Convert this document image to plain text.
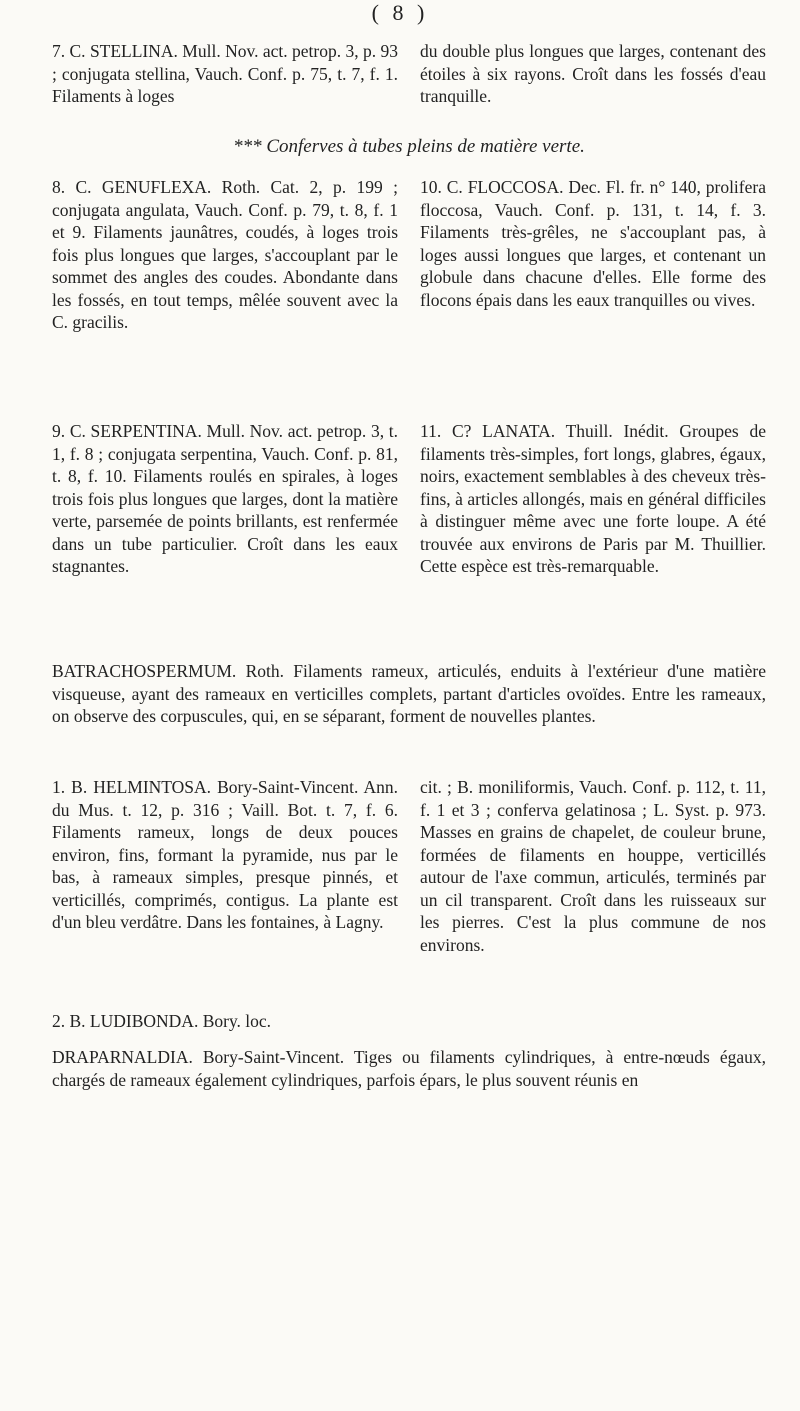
( 8 )
7. C. STELLINA. Mull. Nov. act. petrop. 3, p. 93 ; conjugata stellina, Vauch. Conf. p. 75, t. 7, f. 1. Filaments à loges
du double plus longues que larges, contenant des étoiles à six rayons. Croît dans les fossés d'eau tranquille.
*** Conferves à tubes pleins de matière verte.
8. C. GENUFLEXA. Roth. Cat. 2, p. 199 ; conjugata angulata, Vauch. Conf. p. 79, t. 8, f. 1 et 9. Filaments jaunâtres, coudés, à loges trois fois plus longues que larges, s'accouplant par le sommet des angles des coudes. Abondante dans les fossés, en tout temps, mêlée souvent avec la C. gracilis.
10. C. FLOCCOSA. Dec. Fl. fr. n° 140, prolifera floccosa, Vauch. Conf. p. 131, t. 14, f. 3. Filaments très-grêles, ne s'accouplant pas, à loges aussi longues que larges, et contenant un globule dans chacune d'elles. Elle forme des flocons épais dans les eaux tranquilles ou vives.
9. C. SERPENTINA. Mull. Nov. act. petrop. 3, t. 1, f. 8 ; conjugata serpentina, Vauch. Conf. p. 81, t. 8, f. 10. Filaments roulés en spirales, à loges trois fois plus longues que larges, dont la matière verte, parsemée de points brillants, est renfermée dans un tube particulier. Croît dans les eaux stagnantes.
11. C? LANATA. Thuill. Inédit. Groupes de filaments très-simples, fort longs, glabres, égaux, noirs, exactement semblables à des cheveux très-fins, à articles allongés, mais en général difficiles à distinguer même avec une forte loupe. A été trouvée aux environs de Paris par M. Thuillier. Cette espèce est très-remarquable.
BATRACHOSPERMUM. Roth. Filaments rameux, articulés, enduits à l'extérieur d'une matière visqueuse, ayant des rameaux en verticilles complets, partant d'articles ovoïdes. Entre les rameaux, on observe des corpuscules, qui, en se séparant, forment de nouvelles plantes.
1. B. HELMINTOSA. Bory-Saint-Vincent. Ann. du Mus. t. 12, p. 316 ; Vaill. Bot. t. 7, f. 6. Filaments rameux, longs de deux pouces environ, fins, formant la pyramide, nus par le bas, à rameaux simples, presque pinnés, et verticillés, comprimés, contigus. La plante est d'un bleu verdâtre. Dans les fontaines, à Lagny.
2. B. LUDIBONDA. Bory. loc.
cit. ; B. moniliformis, Vauch. Conf. p. 112, t. 11, f. 1 et 3 ; conferva gelatinosa ; L. Syst. p. 973. Masses en grains de chapelet, de couleur brune, formées de filaments en houppe, verticillés autour de l'axe commun, articulés, terminés par un cil transparent. Croît dans les ruisseaux sur les pierres. C'est la plus commune de nos environs.
DRAPARNALDIA. Bory-Saint-Vincent. Tiges ou filaments cylindriques, à entre-nœuds égaux, chargés de rameaux également cylindriques, parfois épars, le plus souvent réunis en
